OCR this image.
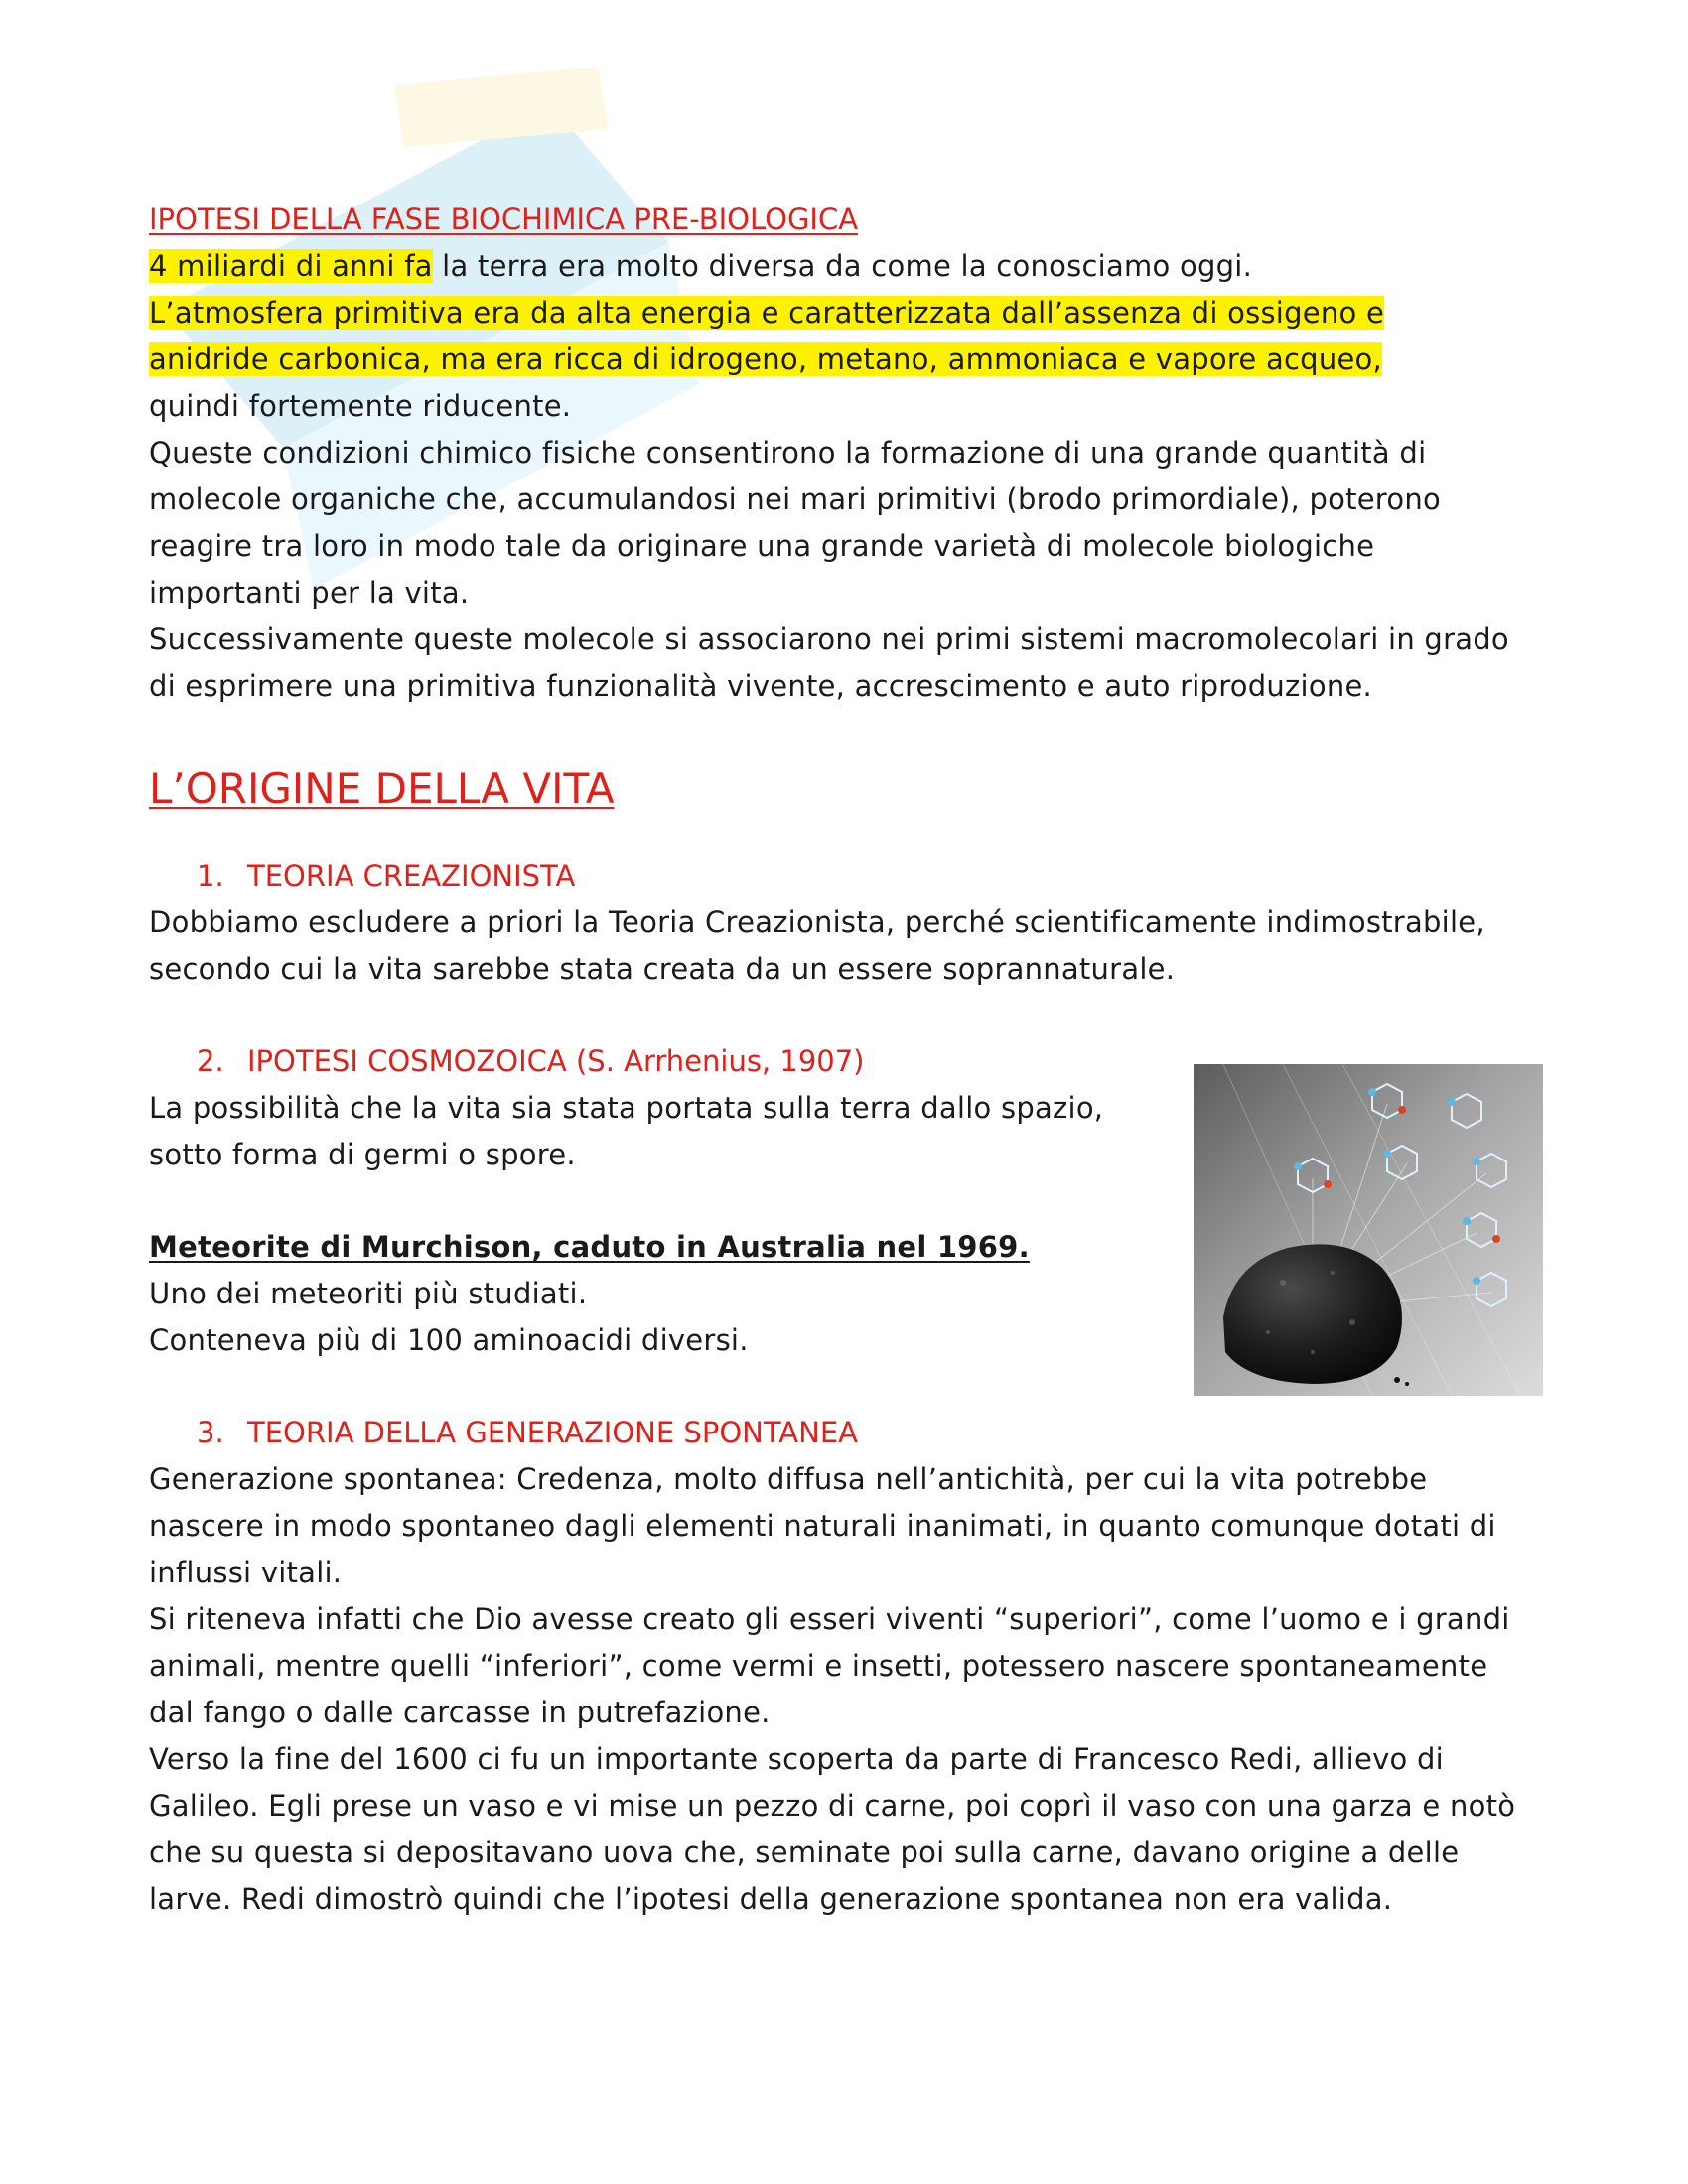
IPOTESI DELLA FASE BIOCHIMICA PRE-BIOLOGICA

4 miliardi di anni fa la terra era molto diversa da come la conosciamo oggi.
L’atmosfera primitiva era da alta energia e caratterizzata dall’assenza di ossigeno e
anidride carbonica, ma era ricca di idrogeno, metano, ammoniaca e vapore acqueo,
quindi fortemente riducente.

Queste condizioni chimico fisiche consentirono la formazione di una grande quantità di molecole organiche che, accumulandosi nei mari primitivi (brodo primordiale), poterono reagire tra loro in modo tale da originare una grande varietà di molecole biologiche importanti per la vita.

Successivamente queste molecole si associarono nei primi sistemi macromolecolari in grado di esprimere una primitiva funzionalità vivente, accrescimento e auto riproduzione.

L’ORIGINE DELLA VITA

1. TEORIA CREAZIONISTA

Dobbiamo escludere a priori la Teoria Creazionista, perché scientificamente indimostrabile, secondo cui la vita sarebbe stata creata da un essere soprannaturale.

2. IPOTESI COSMOZOICA (S. Arrhenius, 1907)

La possibilità che la vita sia stata portata sulla terra dallo spazio, sotto forma di germi o spore.

Meteorite di Murchison, caduto in Australia nel 1969.

Uno dei meteoriti più studiati.

Conteneva più di 100 aminoacidi diversi.

3. TEORIA DELLA GENERAZIONE SPONTANEA

Generazione spontanea: Credenza, molto diffusa nell’antichità, per cui la vita potrebbe nascere in modo spontaneo dagli elementi naturali inanimati, in quanto comunque dotati di influssi vitali.

Si riteneva infatti che Dio avesse creato gli esseri viventi “superiori”, come l’uomo e i grandi animali, mentre quelli “inferiori”, come vermi e insetti, potessero nascere spontaneamente dal fango o dalle carcasse in putrefazione.

Verso la fine del 1600 ci fu un importante scoperta da parte di Francesco Redi, allievo di Galileo. Egli prese un vaso e vi mise un pezzo di carne, poi coprì il vaso con una garza e notò che su questa si depositavano uova che, seminate poi sulla carne, davano origine a delle larve. Redi dimostrò quindi che l’ipotesi della generazione spontanea non era valida.
